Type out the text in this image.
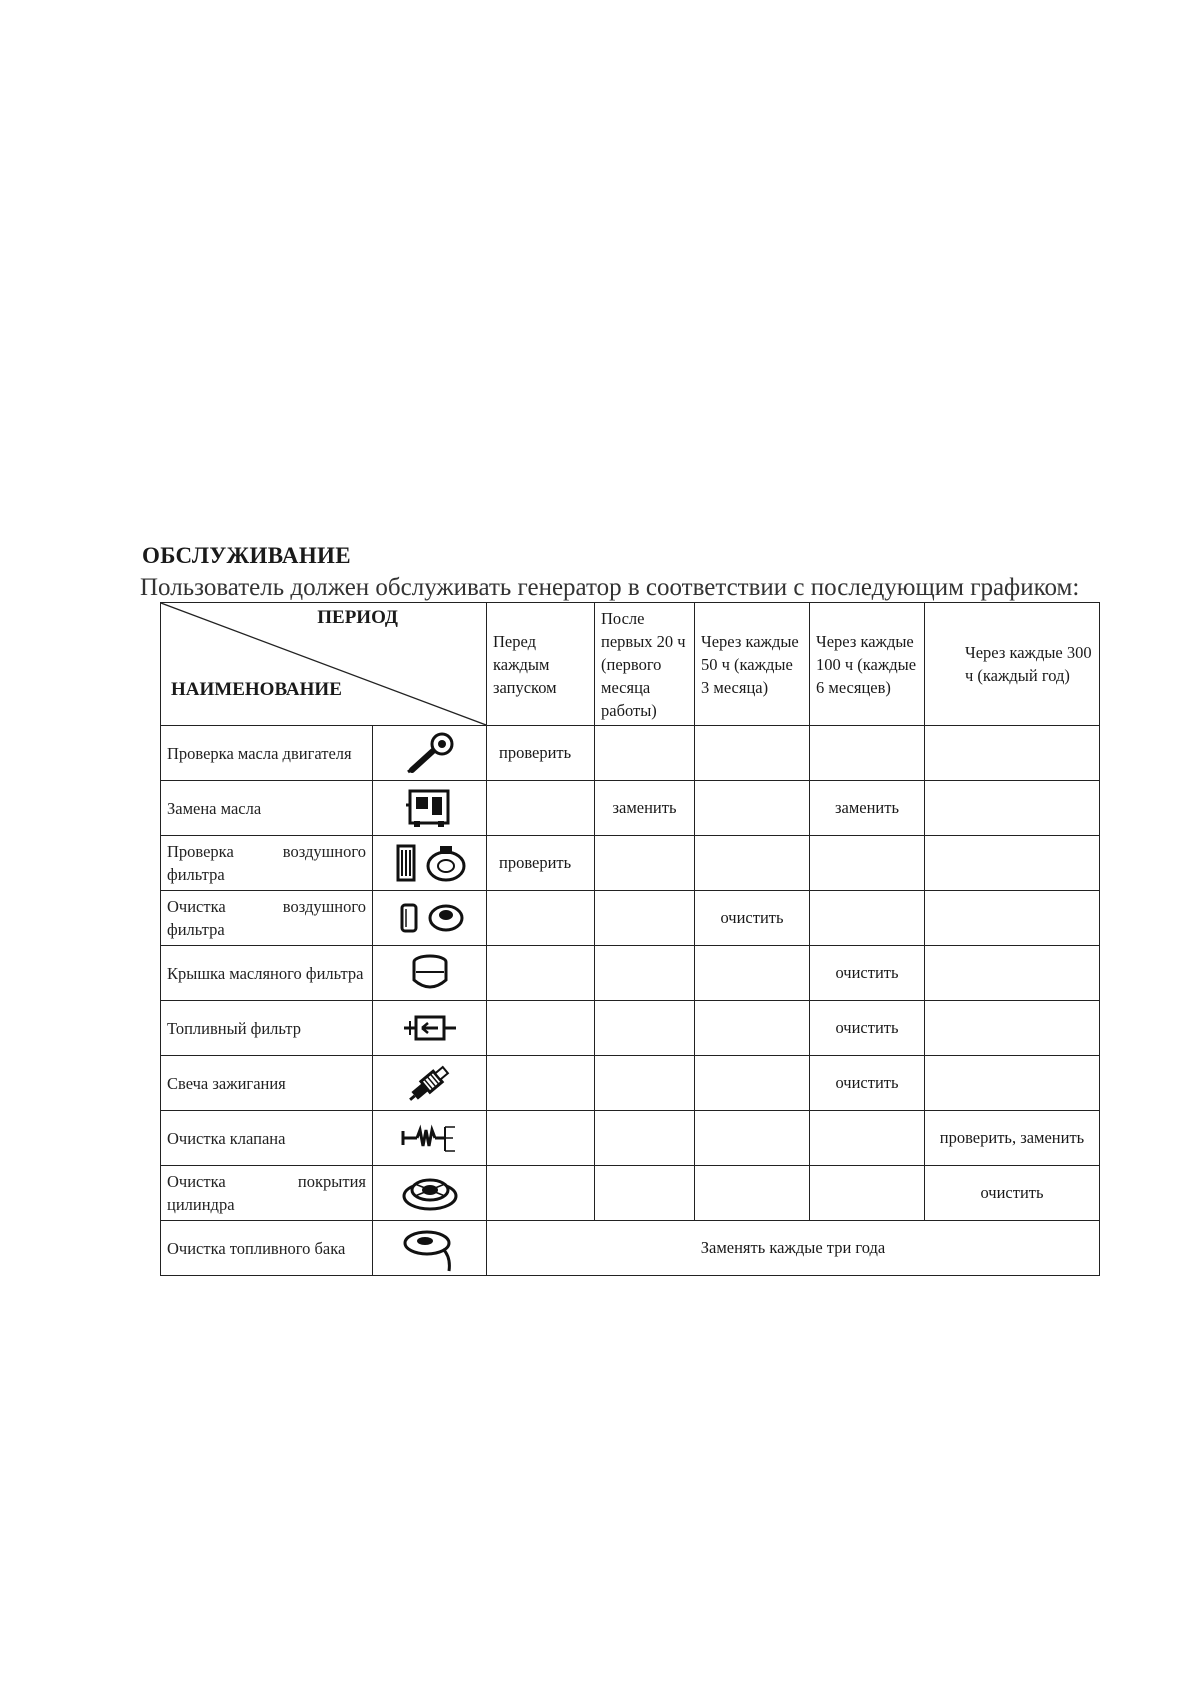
ОБСЛУЖИВАНИЕ
Пользователь должен обслуживать генератор в соответствии с последующим графиком:
ПЕРИОД
НАИМЕНОВАНИЕ		Перед каждым запуском	После первых 20 ч (первого месяца работы)	Через каждые 50 ч (каждые 3 месяца)	Через каждые 100 ч (каждые 6 месяцев)	Через каждые 300 ч (каждый год)
Проверка масла двигателя		проверить				
Замена масла			заменить		заменить	
Проверка воздушного фильтра		проверить				
Очистка воздушного фильтра				очистить		
Крышка масляного фильтра					очистить	
Топливный фильтр					очистить	
Свеча зажигания					очистить	
Очистка клапана						проверить, заменить
Очистка покрытия цилиндра						очистить
Очистка топливного бака		Заменять каждые три года				
